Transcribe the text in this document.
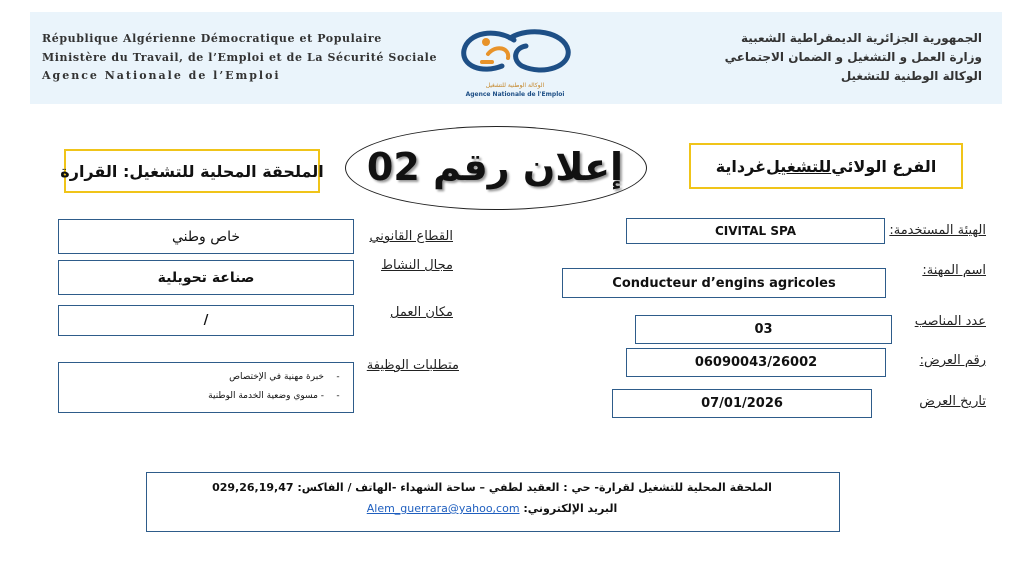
République Algérienne Démocratique et Populaire
Ministère du Travail, de l’Emploi et de La Sécurité Sociale
Agence Nationale de l’Emploi
الجمهورية الجزائرية الديمقراطية الشعبية
وزارة العمل و التشغيل و الضمان الاجتماعي
الوكالة الوطنية للتشغيل
الوكالة الوطنية للتشغيل
Agence Nationale de l'Emploi
الملحقة المحلية للتشغيل: القرارة	الفرع الولائي
للتشغيل
غرداية
إعلان رقم 02
الهيئة المستخدمة:
اسم المهنة:
عدد المناصب
رقم العرض:
تاريخ العرض
CIVITAL SPA
Conducteur d’engins agricoles
03
06090043/26002
07/01/2026
القطاع القانوني
مجال النشاط
مكان العمل
متطلبات الوظيفة
خاص وطني
صناعة تحويلية
/
-خبرة مهنية في الإختصاص
-- مسوي وضعية الخدمة الوطنية
الملحقة المحلية للتشغيل لقرارة- حي : العقيد لطفي – ساحة الشهداء -الهاتف / الفاكس: 029,26,19,47
البريد الإلكتروني: Alem_guerrara@yahoo,com
